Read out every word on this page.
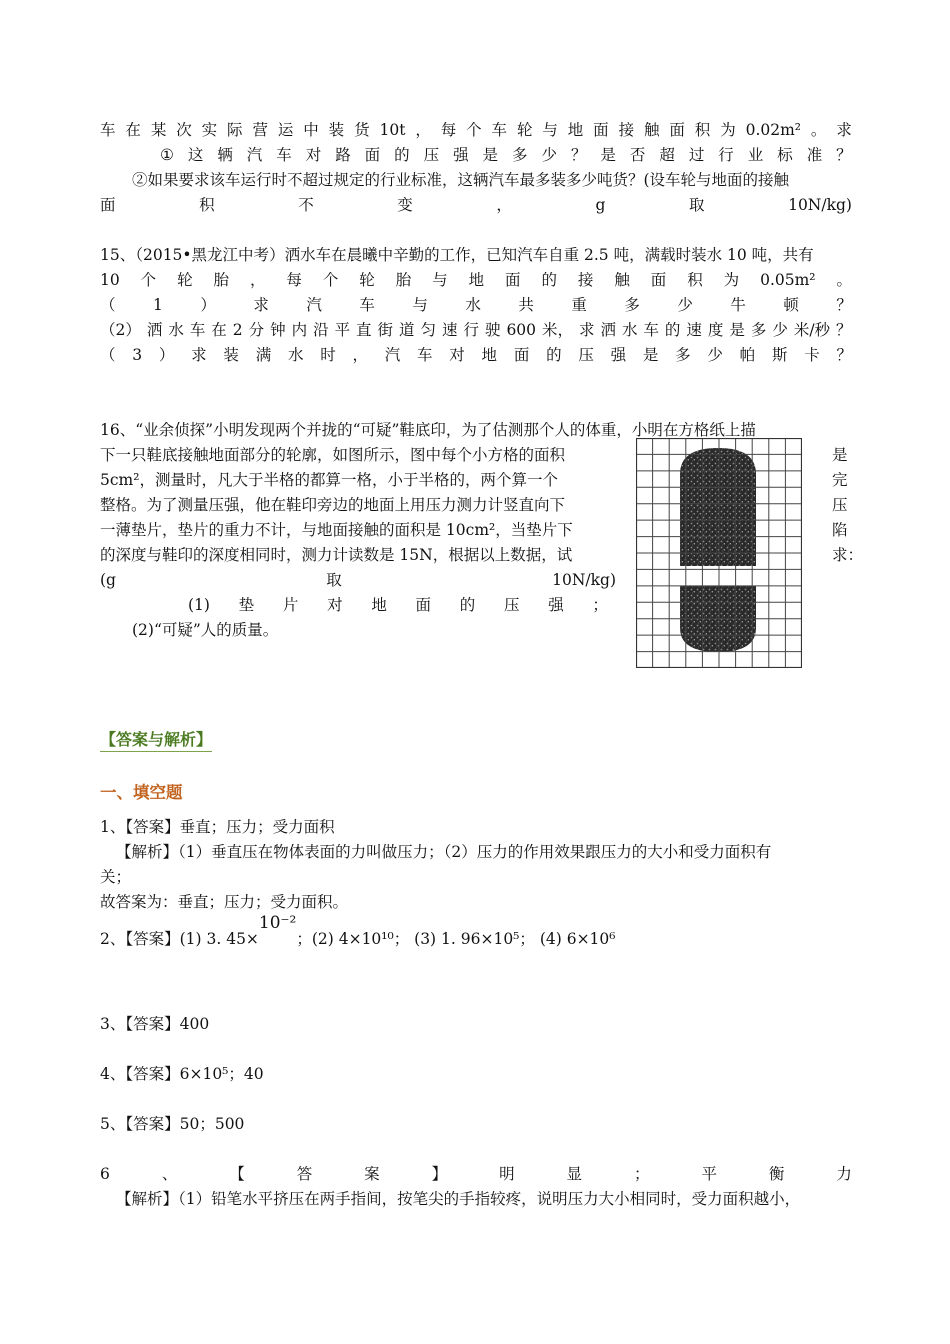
车 在 某 次 实 际 营 运 中 装 货 10t ， 每 个 车 轮 与 地 面 接 触 面 积 为 0.02m² 。 求
① 这 辆 汽 车 对 路 面 的 压 强 是 多 少 ？ 是 否 超 过 行 业 标 准 ？
②如果要求该车运行时不超过规定的行业标准，这辆汽车最多装多少吨货？(设车轮与地面的接触
面	积	不	变	，	g	取	10N/kg)
15、（2015•黑龙江中考）洒水车在晨曦中辛勤的工作，已知汽车自重 2.5 吨，满载时装水 10 吨，共有
10 个 轮 胎 ， 每 个 轮 胎 与 地 面 的 接 触 面 积 为 0.05m² 。
（ 1 ） 求 汽 车 与 水 共 重 多 少 牛 顿 ？
（2） 洒 水 车 在 2 分 钟 内 沿 平 直 街 道 匀 速 行 驶 600 米， 求 洒 水 车 的 速 度 是 多 少 米/秒 ？
（ 3 ） 求 装 满 水 时 ， 汽 车 对 地 面 的 压 强 是 多 少 帕 斯 卡 ？
16、“业余侦探”小明发现两个并拢的“可疑”鞋底印，为了估测那个人的体重，小明在方格纸上描
下一只鞋底接触地面部分的轮廓，如图所示，图中每个小方格的面积	是
5cm²，测量时，凡大于半格的都算一格，小于半格的，两个算一个	完
整格。为了测量压强，他在鞋印旁边的地面上用压力测力计竖直向下	压
一薄垫片，垫片的重力不计，与地面接触的面积是 10cm²，当垫片下	陷
的深度与鞋印的深度相同时，测力计读数是 15N，根据以上数据，试	求：
(g	取	10N/kg)
(1) 垫 片 对 地 面 的 压 强 ；
(2)“可疑”人的质量。
【答案与解析】
一、填空题
1、【答案】垂直；压力；受力面积
【解析】（1）垂直压在物体表面的力叫做压力；（2）压力的作用效果跟压力的大小和受力面积有
关；
故答案为：垂直；压力；受力面积。
2、【答案】(1) 3. 45×10⁻²；(2) 4×10¹⁰； (3) 1. 96×10⁵； (4) 6×10⁶
3、【答案】400
4、【答案】6×10⁵；40
5、【答案】50；500
6	、	【	答	案	】	明	显	；	平	衡	力
【解析】（1）铅笔水平挤压在两手指间，按笔尖的手指较疼，说明压力大小相同时，受力面积越小，
